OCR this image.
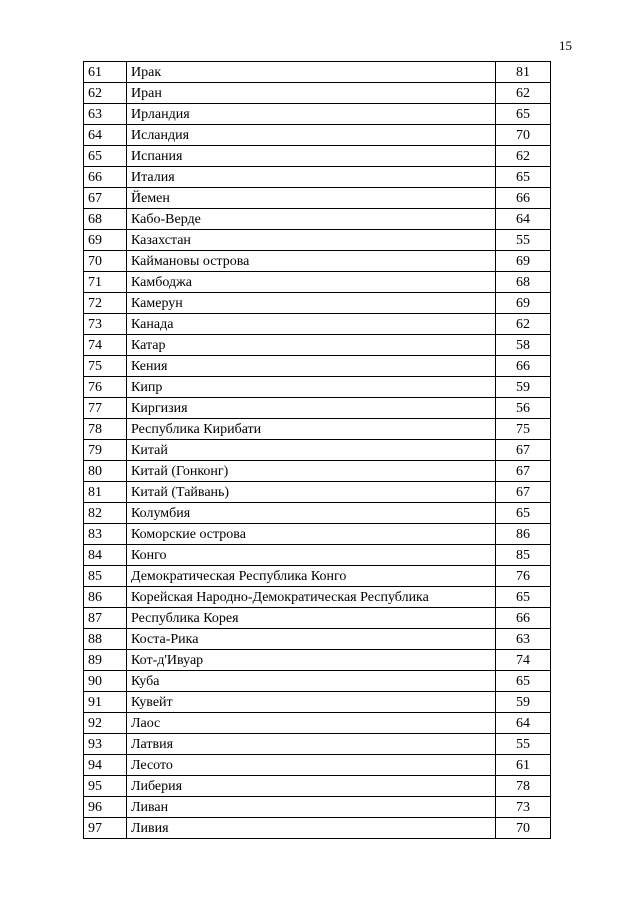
15
61	Ирак	81
62	Иран	62
63	Ирландия	65
64	Исландия	70
65	Испания	62
66	Италия	65
67	Йемен	66
68	Кабо-Верде	64
69	Казахстан	55
70	Каймановы острова	69
71	Камбоджа	68
72	Камерун	69
73	Канада	62
74	Катар	58
75	Кения	66
76	Кипр	59
77	Киргизия	56
78	Республика Кирибати	75
79	Китай	67
80	Китай (Гонконг)	67
81	Китай (Тайвань)	67
82	Колумбия	65
83	Коморские острова	86
84	Конго	85
85	Демократическая Республика Конго	76
86	Корейская Народно-Демократическая Республика	65
87	Республика Корея	66
88	Коста-Рика	63
89	Кот-д'Ивуар	74
90	Куба	65
91	Кувейт	59
92	Лаос	64
93	Латвия	55
94	Лесото	61
95	Либерия	78
96	Ливан	73
97	Ливия	70
